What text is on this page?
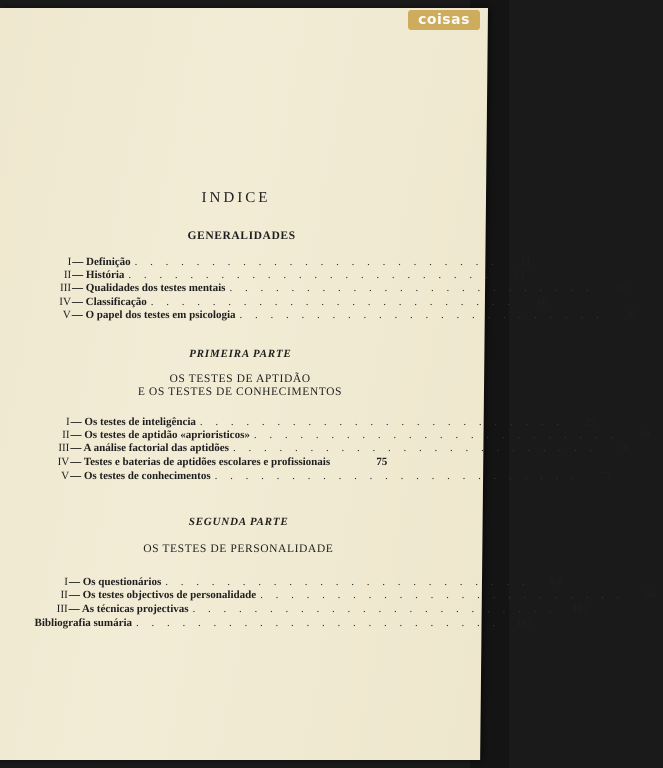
INDICE
GENERALIDADES
I — Definição . . . . . . . . . . . . . . . . . . . . . . . .	11
II — História . . . . . . . . . . . . . . . . . . . . . . . .	13
III — Qualidades dos testes mentais . . . . . . . . . . . . . . . . . . . . . . . .	15
IV — Classificação . . . . . . . . . . . . . . . . . . . . . . . .	18
V — O papel dos testes em psicologia . . . . . . . . . . . . . . . . . . . . . . . .	20
PRIMEIRA PARTE
OS TESTES DE APTIDÃO
E OS TESTES DE CONHECIMENTOS
I — Os testes de inteligência . . . . . . . . . . . . . . . . . . . . . . . .	29
II — Os testes de aptidão «aprioristicos» . . . . . . . . . . . . . . . . . . . . . . . .	49
III — A análise factorial das aptidões . . . . . . . . . . . . . . . . . . . . . . . .	50
IV — Testes e baterias de aptidões escolares e profissionais	75
V — Os testes de conhecimentos . . . . . . . . . . . . . . . . . . . . . . . .	77
SEGUNDA PARTE
OS TESTES DE PERSONALIDADE
I — Os questionários . . . . . . . . . . . . . . . . . . . . . . . .	84
II — Os testes objectivos de personalidade . . . . . . . . . . . . . . . . . . . . . . . .	96
III — As técnicas projectivas . . . . . . . . . . . . . . . . . . . . . . . .	102
Bibliografia sumária . . . . . . . . . . . . . . . . . . . . . . . .	147
coisas
